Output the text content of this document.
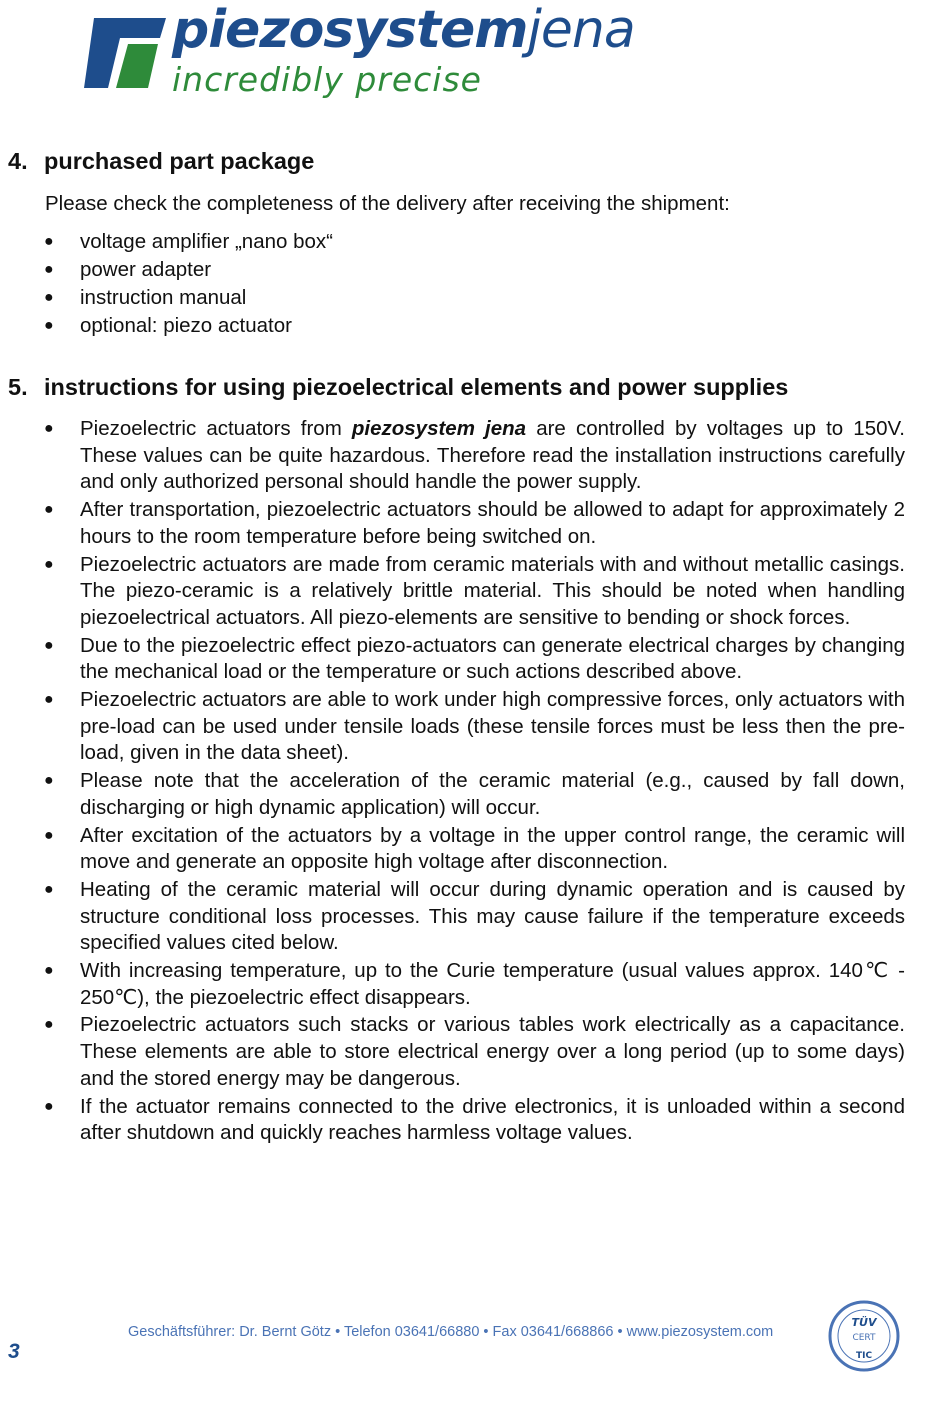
piezosystemjena
incredibly precise
4. purchased part package

Please check the completeness of the delivery after receiving the shipment:

● voltage amplifier „nano box“
● power adapter
● instruction manual
● optional: piezo actuator
5. instructions for using piezoelectrical elements and power supplies
● Piezoelectric actuators from piezosystem jena are controlled by voltages up to 150V. These values can be quite hazardous. Therefore read the installation instructions carefully and only authorized personal should handle the power supply.
● After transportation, piezoelectric actuators should be allowed to adapt for approximately 2 hours to the room temperature before being switched on.
● Piezoelectric actuators are made from ceramic materials with and without metallic casings. The piezo-ceramic is a relatively brittle material. This should be noted when handling piezoelectrical actuators. All piezo-elements are sensitive to bending or shock forces.
● Due to the piezoelectric effect piezo-actuators can generate electrical charges by changing the mechanical load or the temperature or such actions described above.
● Piezoelectric actuators are able to work under high compressive forces, only actuators with pre-load can be used under tensile loads (these tensile forces must be less then the pre-load, given in the data sheet).
● Please note that the acceleration of the ceramic material (e.g., caused by fall down, discharging or high dynamic application) will occur.
● After excitation of the actuators by a voltage in the upper control range, the ceramic will move and generate an opposite high voltage after disconnection.
● Heating of the ceramic material will occur during dynamic operation and is caused by structure conditional loss processes. This may cause failure if the temperature exceeds specified values cited below.
● With increasing temperature, up to the Curie temperature (usual values approx. 140℃ - 250℃), the piezoelectric effect disappears.
● Piezoelectric actuators such stacks or various tables work electrically as a capacitance. These elements are able to store electrical energy over a long period (up to some days) and the stored energy may be dangerous.
● If the actuator remains connected to the drive electronics, it is unloaded within a second after shutdown and quickly reaches harmless voltage values.
3
Geschäftsführer: Dr. Bernt Götz • Telefon 03641/66880 • Fax 03641/668866 • www.piezosystem.com
TÜV
CERT
TIC
